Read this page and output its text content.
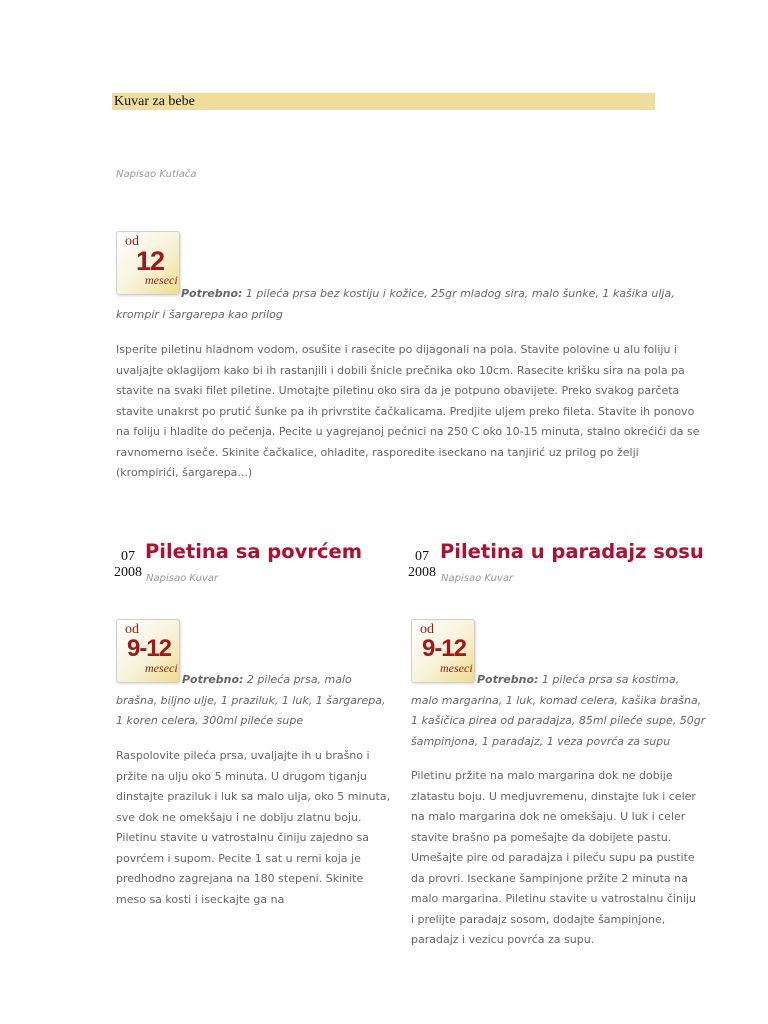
Kuvar za bebe
Napisao Kutlača
od
12
meseci
Potrebno: 1 pileća prsa bez kostiju i kožice, 25gr mladog sira, malo šunke, 1 kašika ulja, krompir i šargarepa kao prilog
Isperite piletinu hladnom vodom, osušite i rasecite po dijagonali na pola. Stavite polovine u alu foliju i uvaljajte oklagijom kako bi ih rastanjili i dobili šnicle prečnika oko 10cm. Rasecite krišku sira na pola pa stavite na svaki filet piletine. Umotajte piletinu oko sira da je potpuno obavijete. Preko svakog parčeta stavite unakrst po prutić šunke pa ih privrstite čačkalicama. Predjite uljem preko fileta. Stavite ih ponovo na foliju i hladite do pečenja. Pecite u yagrejanoj pećnici na 250 C oko 10-15 minuta, stalno okrećići da se ravnomerno iseče. Skinite čačkalice, ohladite, rasporedite iseckano na tanjirić uz prilog po želji (krompirići, šargarepa...)
07
2008
Piletina sa povrćem
Napisao Kuvar
od
9-12
meseci
Potrebno: 2 pileća prsa, malo brašna, biljno ulje, 1 praziluk, 1 luk, 1 šargarepa, 1 koren celera, 300ml pileće supe
Raspolovite pileća prsa, uvaljajte ih u brašno i pržite na ulju oko 5 minuta. U drugom tiganju dinstajte praziluk i luk sa malo ulja, oko 5 minuta, sve dok ne omekšaju i ne dobiju zlatnu boju. Piletinu stavite u vatrostalnu činiju zajedno sa povrćem i supom. Pecite 1 sat u rerni koja je predhodno zagrejana na 180 stepeni. Skinite meso sa kosti i iseckajte ga na
07
2008
Piletina u paradajz sosu
Napisao Kuvar
od
9-12
meseci
Potrebno: 1 pileća prsa sa kostima, malo margarina, 1 luk, komad celera, kašika brašna, 1 kašičica pirea od paradajza, 85ml pileće supe, 50gr šampinjona, 1 paradajz, 1 veza povrća za supu
Piletinu pržite na malo margarina dok ne dobije zlatastu boju. U medjuvremenu, dinstajte luk i celer na malo margarina dok ne omekšaju. U luk i celer stavite brašno pa pomešajte da dobijete pastu. Umešajte pire od paradajza i pileću supu pa pustite da provri. Iseckane šampinjone pržite 2 minuta na malo margarina. Piletinu stavite u vatrostalnu činiju i prelijte paradajz sosom, dodajte šampinjone, paradajz i vezicu povrća za supu.
